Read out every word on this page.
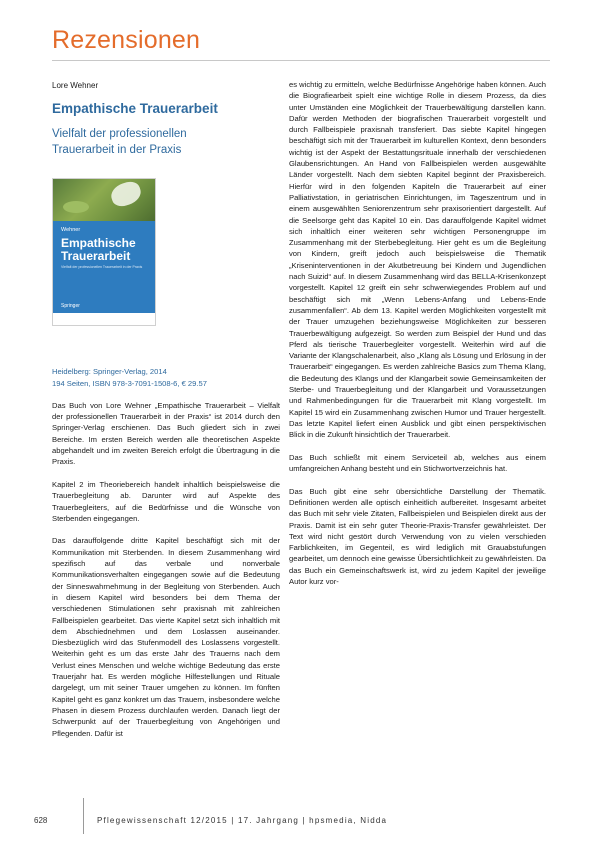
Rezensionen

Lore Wehner

Empathische Trauerarbeit
Vielfalt der professionellen
Trauerarbeit in der Praxis
Wehner
Empathische
Trauerarbeit
Vielfalt der professionellen Trauerarbeit in der Praxis
Springer

Heidelberg: Springer-Verlag, 2014
194 Seiten, ISBN 978-3-7091-1508-6, € 29.57

Das Buch von Lore Wehner „Empathische Trauerarbeit – Vielfalt der professionellen Trauerarbeit in der Praxis“ ist 2014 durch den Springer-Verlag erschienen. Das Buch gliedert sich in zwei Bereiche. Im ersten Bereich werden alle theoretischen Aspekte abgehandelt und im zweiten Bereich erfolgt die Übertragung in die Praxis.

Kapitel 2 im Theoriebereich handelt inhaltlich beispielsweise die Trauerbegleitung ab. Darunter wird auf Aspekte des Trauerbegleiters, auf die Bedürfnisse und die Wünsche von Sterbenden eingegangen.

Das darauffolgende dritte Kapitel beschäftigt sich mit der Kommunikation mit Sterbenden. In diesem Zusammenhang wird spezifisch auf das verbale und nonverbale Kommunikationsverhalten eingegangen sowie auf die Bedeutung der Sinneswahrnehmung in der Begleitung von Sterbenden. Auch in diesem Kapitel wird besonders bei dem Thema der verschiedenen Stimulationen sehr praxisnah mit zahlreichen Fallbeispielen gearbeitet. Das vierte Kapitel setzt sich inhaltlich mit dem Abschiednehmen und dem Loslassen auseinander. Diesbezüglich wird das Stufenmodell des Loslassens vorgestellt. Weiterhin geht es um das erste Jahr des Trauerns nach dem Verlust eines Menschen und welche wichtige Bedeutung das erste Trauerjahr hat. Es werden mögliche Hilfestellungen und Rituale dargelegt, um mit seiner Trauer umgehen zu können. Im fünften Kapitel geht es ganz konkret um das Trauern, insbesondere welche Phasen in diesem Prozess durchlaufen werden. Danach liegt der Schwerpunkt auf der Trauerbegleitung von Angehörigen und Pflegenden. Dafür ist

es wichtig zu ermitteln, welche Bedürfnisse Angehörige haben können. Auch die Biografiearbeit spielt eine wichtige Rolle in diesem Prozess, da dies unter Umständen eine Möglichkeit der Trauerbewältigung darstellen kann. Dafür werden Methoden der biografischen Trauerarbeit vorgestellt und durch Fallbeispiele praxisnah transferiert. Das siebte Kapitel hingegen beschäftigt sich mit der Trauerarbeit im kulturellen Kontext, denn besonders wichtig ist der Aspekt der Bestattungsrituale innerhalb der verschiedenen Glaubensrichtungen. An Hand von Fallbeispielen werden ausgewählte Länder vorgestellt. Nach dem siebten Kapitel beginnt der Praxisbereich. Hierfür wird in den folgenden Kapiteln die Trauerarbeit auf einer Palliativstation, in geriatrischen Einrichtungen, im Tageszentrum und in einem ausgewählten Seniorenzentrum sehr praxisorientiert dargestellt. Auf die Seelsorge geht das Kapitel 10 ein. Das darauffolgende Kapitel widmet sich inhaltlich einer weiteren sehr wichtigen Personengruppe im Zusammenhang mit der Sterbebegleitung. Hier geht es um die Begleitung von Kindern, greift jedoch auch beispielsweise die Thematik „Kriseninterventionen in der Akutbetreuung bei Kindern und Jugendlichen nach Suizid“ auf. In diesem Zusammenhang wird das BELLA-Krisenkonzept vorgestellt. Kapitel 12 greift ein sehr schwerwiegendes Problem auf und beschäftigt sich mit „Wenn Lebens-Anfang und Lebens-Ende zusammenfallen“. Ab dem 13. Kapitel werden Möglichkeiten vorgestellt mit der Trauer umzugehen beziehungsweise Möglichkeiten zur besseren Trauerbewältigung aufgezeigt. So werden zum Beispiel der Hund und das Pferd als tierische Trauerbegleiter vorgestellt. Weiterhin wird auf die Variante der Klangschalenarbeit, also „Klang als Lösung und Erlösung in der Trauerarbeit“ eingegangen. Es werden zahlreiche Basics zum Thema Klang, die Bedeutung des Klangs und der Klangarbeit sowie Gemeinsamkeiten der Sterbe- und Trauerbegleitung und der Klangarbeit und Voraussetzungen und Rahmenbedingungen für die Trauerarbeit mit Klang vorgestellt. Im Kapitel 15 wird ein Zusammenhang zwischen Humor und Trauer hergestellt. Das letzte Kapitel liefert einen Ausblick und gibt einen perspektivischen Blick in die Zukunft hinsichtlich der Trauerarbeit.

Das Buch schließt mit einem Serviceteil ab, welches aus einem umfangreichen Anhang besteht und ein Stichwortverzeichnis hat.

Das Buch gibt eine sehr übersichtliche Darstellung der Thematik. Definitionen werden alle optisch einheitlich aufbereitet. Insgesamt arbeitet das Buch mit sehr viele Zitaten, Fallbeispielen und Beispielen direkt aus der Praxis. Damit ist ein sehr guter Theorie-Praxis-Transfer gewährleistet. Der Text wird nicht gestört durch Verwendung von zu vielen verschieden Farblichkeiten, im Gegenteil, es wird lediglich mit Grauabstufungen gearbeitet, um dennoch eine gewisse Übersichtlichkeit zu gewährleisten. Da das Buch ein Gemeinschaftswerk ist, wird zu jedem Kapitel der jeweilige Autor kurz vor-

628	Pflegewissenschaft 12/2015 | 17. Jahrgang | hpsmedia, Nidda
